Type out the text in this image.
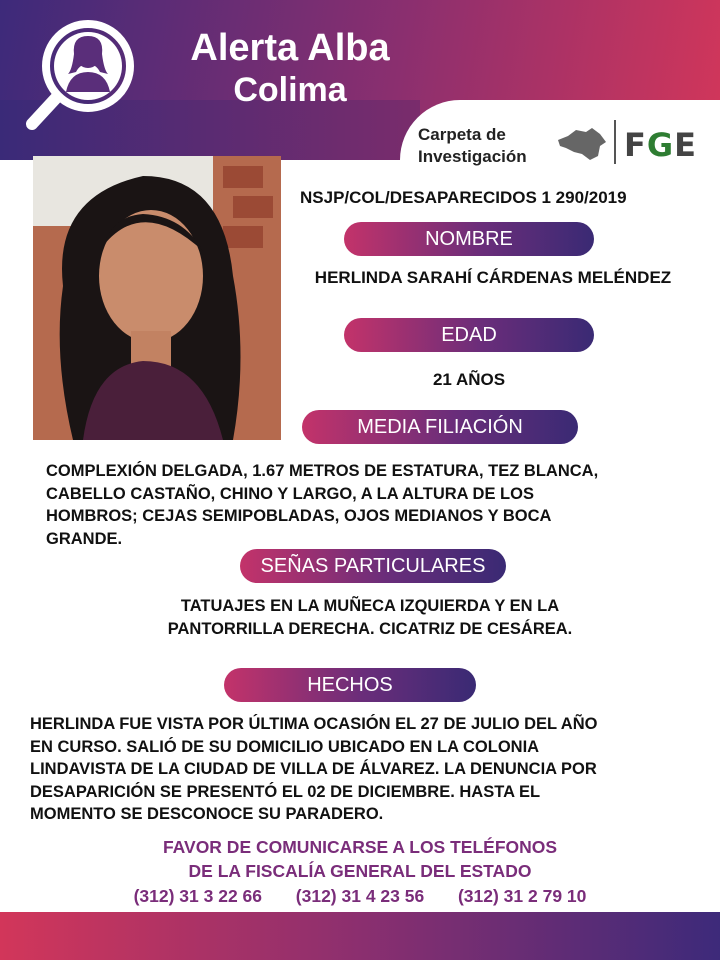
Alerta Alba
Colima
Carpeta de
Investigación	FGE
NSJP/COL/DESAPARECIDOS 1 290/2019
NOMBRE
HERLINDA SARAHÍ CÁRDENAS MELÉNDEZ
EDAD
21 AÑOS
MEDIA FILIACIÓN
COMPLEXIÓN DELGADA, 1.67 METROS DE ESTATURA, TEZ BLANCA,
CABELLO CASTAÑO, CHINO Y LARGO, A LA ALTURA DE LOS
HOMBROS; CEJAS SEMIPOBLADAS, OJOS MEDIANOS Y BOCA
GRANDE.
SEÑAS PARTICULARES
TATUAJES EN LA MUÑECA IZQUIERDA Y EN LA
PANTORRILLA DERECHA. CICATRIZ DE CESÁREA.
HECHOS
HERLINDA FUE VISTA POR ÚLTIMA OCASIÓN EL 27 DE JULIO DEL AÑO
EN CURSO. SALIÓ DE SU DOMICILIO UBICADO EN LA COLONIA
LINDAVISTA DE LA CIUDAD DE VILLA DE ÁLVAREZ. LA DENUNCIA POR
DESAPARICIÓN SE PRESENTÓ EL 02 DE DICIEMBRE. HASTA EL
MOMENTO SE DESCONOCE SU PARADERO.
FAVOR DE COMUNICARSE A LOS TELÉFONOS
DE LA FISCALÍA GENERAL DEL ESTADO
(312) 31 3 22 66 (312) 31 4 23 56 (312) 31 2 79 10
